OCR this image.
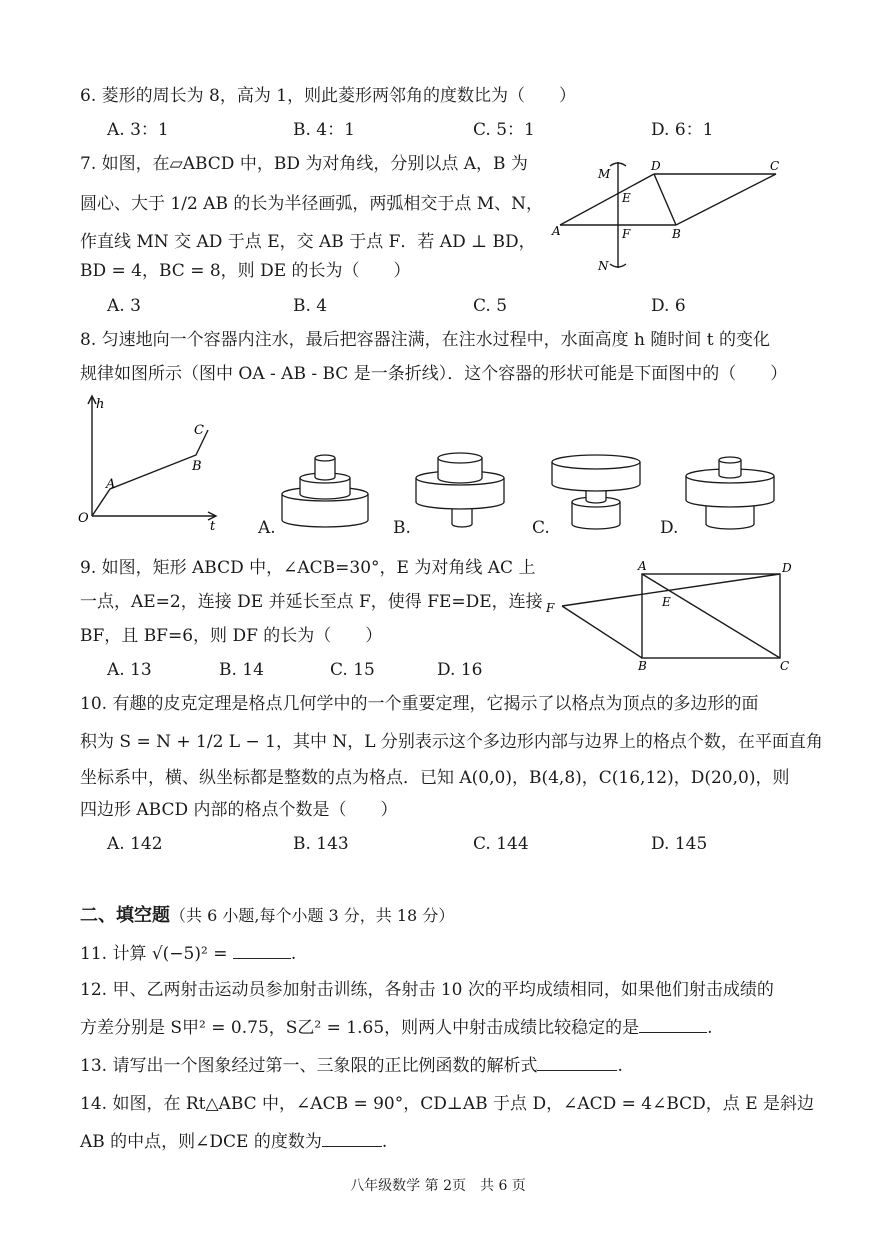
6. 菱形的周长为 8，高为 1，则此菱形两邻角的度数比为（　　）
A. 3：1	B. 4：1	C. 5：1	D. 6：1
7. 如图，在▱ABCD 中，BD 为对角线，分别以点 A，B 为
圆心、大于 1/2 AB 的长为半径画弧，两弧相交于点 M、N，
作直线 MN 交 AD 于点 E，交 AB 于点 F．若 AD ⊥ BD，
BD = 4，BC = 8，则 DE 的长为（　　）
A. 3	B. 4	C. 5	D. 6
M
N
D	C
E
A	F	B
8. 匀速地向一个容器内注水，最后把容器注满，在注水过程中，水面高度 h 随时间 t 的变化
规律如图所示（图中 OA - AB - BC 是一条折线）．这个容器的形状可能是下面图中的（　　）
h
t
O
A
B
C
A.	B.	C.	D.
9. 如图，矩形 ABCD 中，∠ACB=30°，E 为对角线 AC 上
一点，AE=2，连接 DE 并延长至点 F，使得 FE=DE，连接
BF，且 BF=6，则 DF 的长为（　　）
A. 13	B. 14	C. 15	D. 16
A	D
F	E
B	C
10. 有趣的皮克定理是格点几何学中的一个重要定理，它揭示了以格点为顶点的多边形的面
积为 S = N + 1/2 L − 1，其中 N，L 分别表示这个多边形内部与边界上的格点个数，在平面直角
坐标系中，横、纵坐标都是整数的点为格点．已知 A(0,0)，B(4,8)，C(16,12)，D(20,0)，则
四边形 ABCD 内部的格点个数是（　　）
A. 142	B. 143	C. 144	D. 145
二、填空题（共 6 小题,每个小题 3 分，共 18 分）
11. 计算 √(−5)² =	.
12. 甲、乙两射击运动员参加射击训练，各射击 10 次的平均成绩相同，如果他们射击成绩的
方差分别是 S甲² = 0.75，S乙² = 1.65，则两人中射击成绩比较稳定的是	.
13. 请写出一个图象经过第一、三象限的正比例函数的解析式	.
14. 如图，在 Rt△ABC 中，∠ACB = 90°，CD⊥AB 于点 D，∠ACD = 4∠BCD，点 E 是斜边
AB 的中点，则∠DCE 的度数为	.
八年级数学 第 2页　共 6 页
